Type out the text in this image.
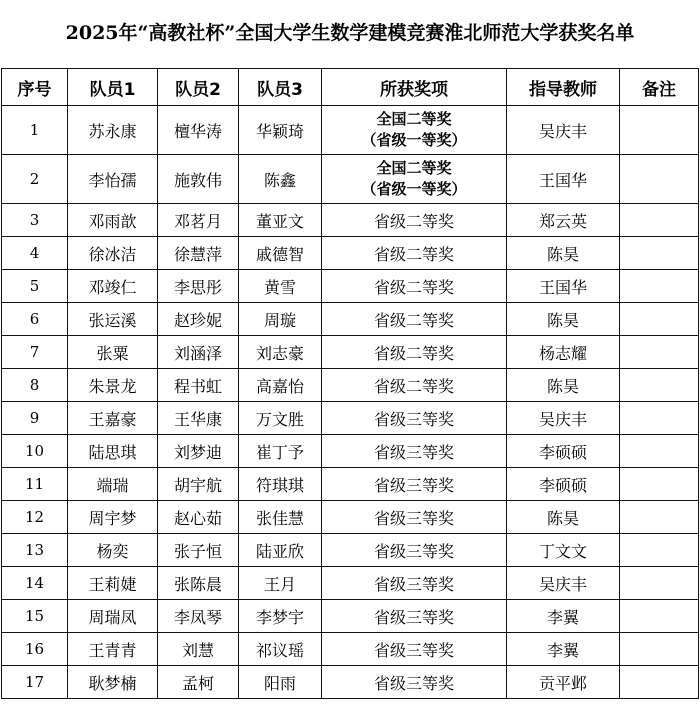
2025年“高教社杯”全国大学生数学建模竞赛淮北师范大学获奖名单
序号	队员1	队员2	队员3	所获奖项	指导教师	备注
1	苏永康	檀华涛	华颖琦	全国二等奖
（省级一等奖）	吴庆丰	
2	李怡孺	施敦伟	陈鑫	全国二等奖
（省级一等奖）	王国华	
3	邓雨歆	邓茗月	董亚文	省级二等奖	郑云英	
4	徐冰洁	徐慧萍	戚德智	省级二等奖	陈昊	
5	邓竣仁	李思彤	黄雪	省级二等奖	王国华	
6	张运溪	赵珍妮	周璇	省级二等奖	陈昊	
7	张粟	刘涵泽	刘志豪	省级二等奖	杨志耀	
8	朱景龙	程书虹	高嘉怡	省级二等奖	陈昊	
9	王嘉豪	王华康	万文胜	省级三等奖	吴庆丰	
10	陆思琪	刘梦迪	崔丁予	省级三等奖	李硕硕	
11	端瑞	胡宇航	符琪琪	省级三等奖	李硕硕	
12	周宇梦	赵心茹	张佳慧	省级三等奖	陈昊	
13	杨奕	张子恒	陆亚欣	省级三等奖	丁文文	
14	王莉婕	张陈晨	王月	省级三等奖	吴庆丰	
15	周瑞凤	李凤琴	李梦宇	省级三等奖	李翼	
16	王青青	刘慧	祁议瑶	省级三等奖	李翼	
17	耿梦楠	孟柯	阳雨	省级三等奖	贡平邺	
